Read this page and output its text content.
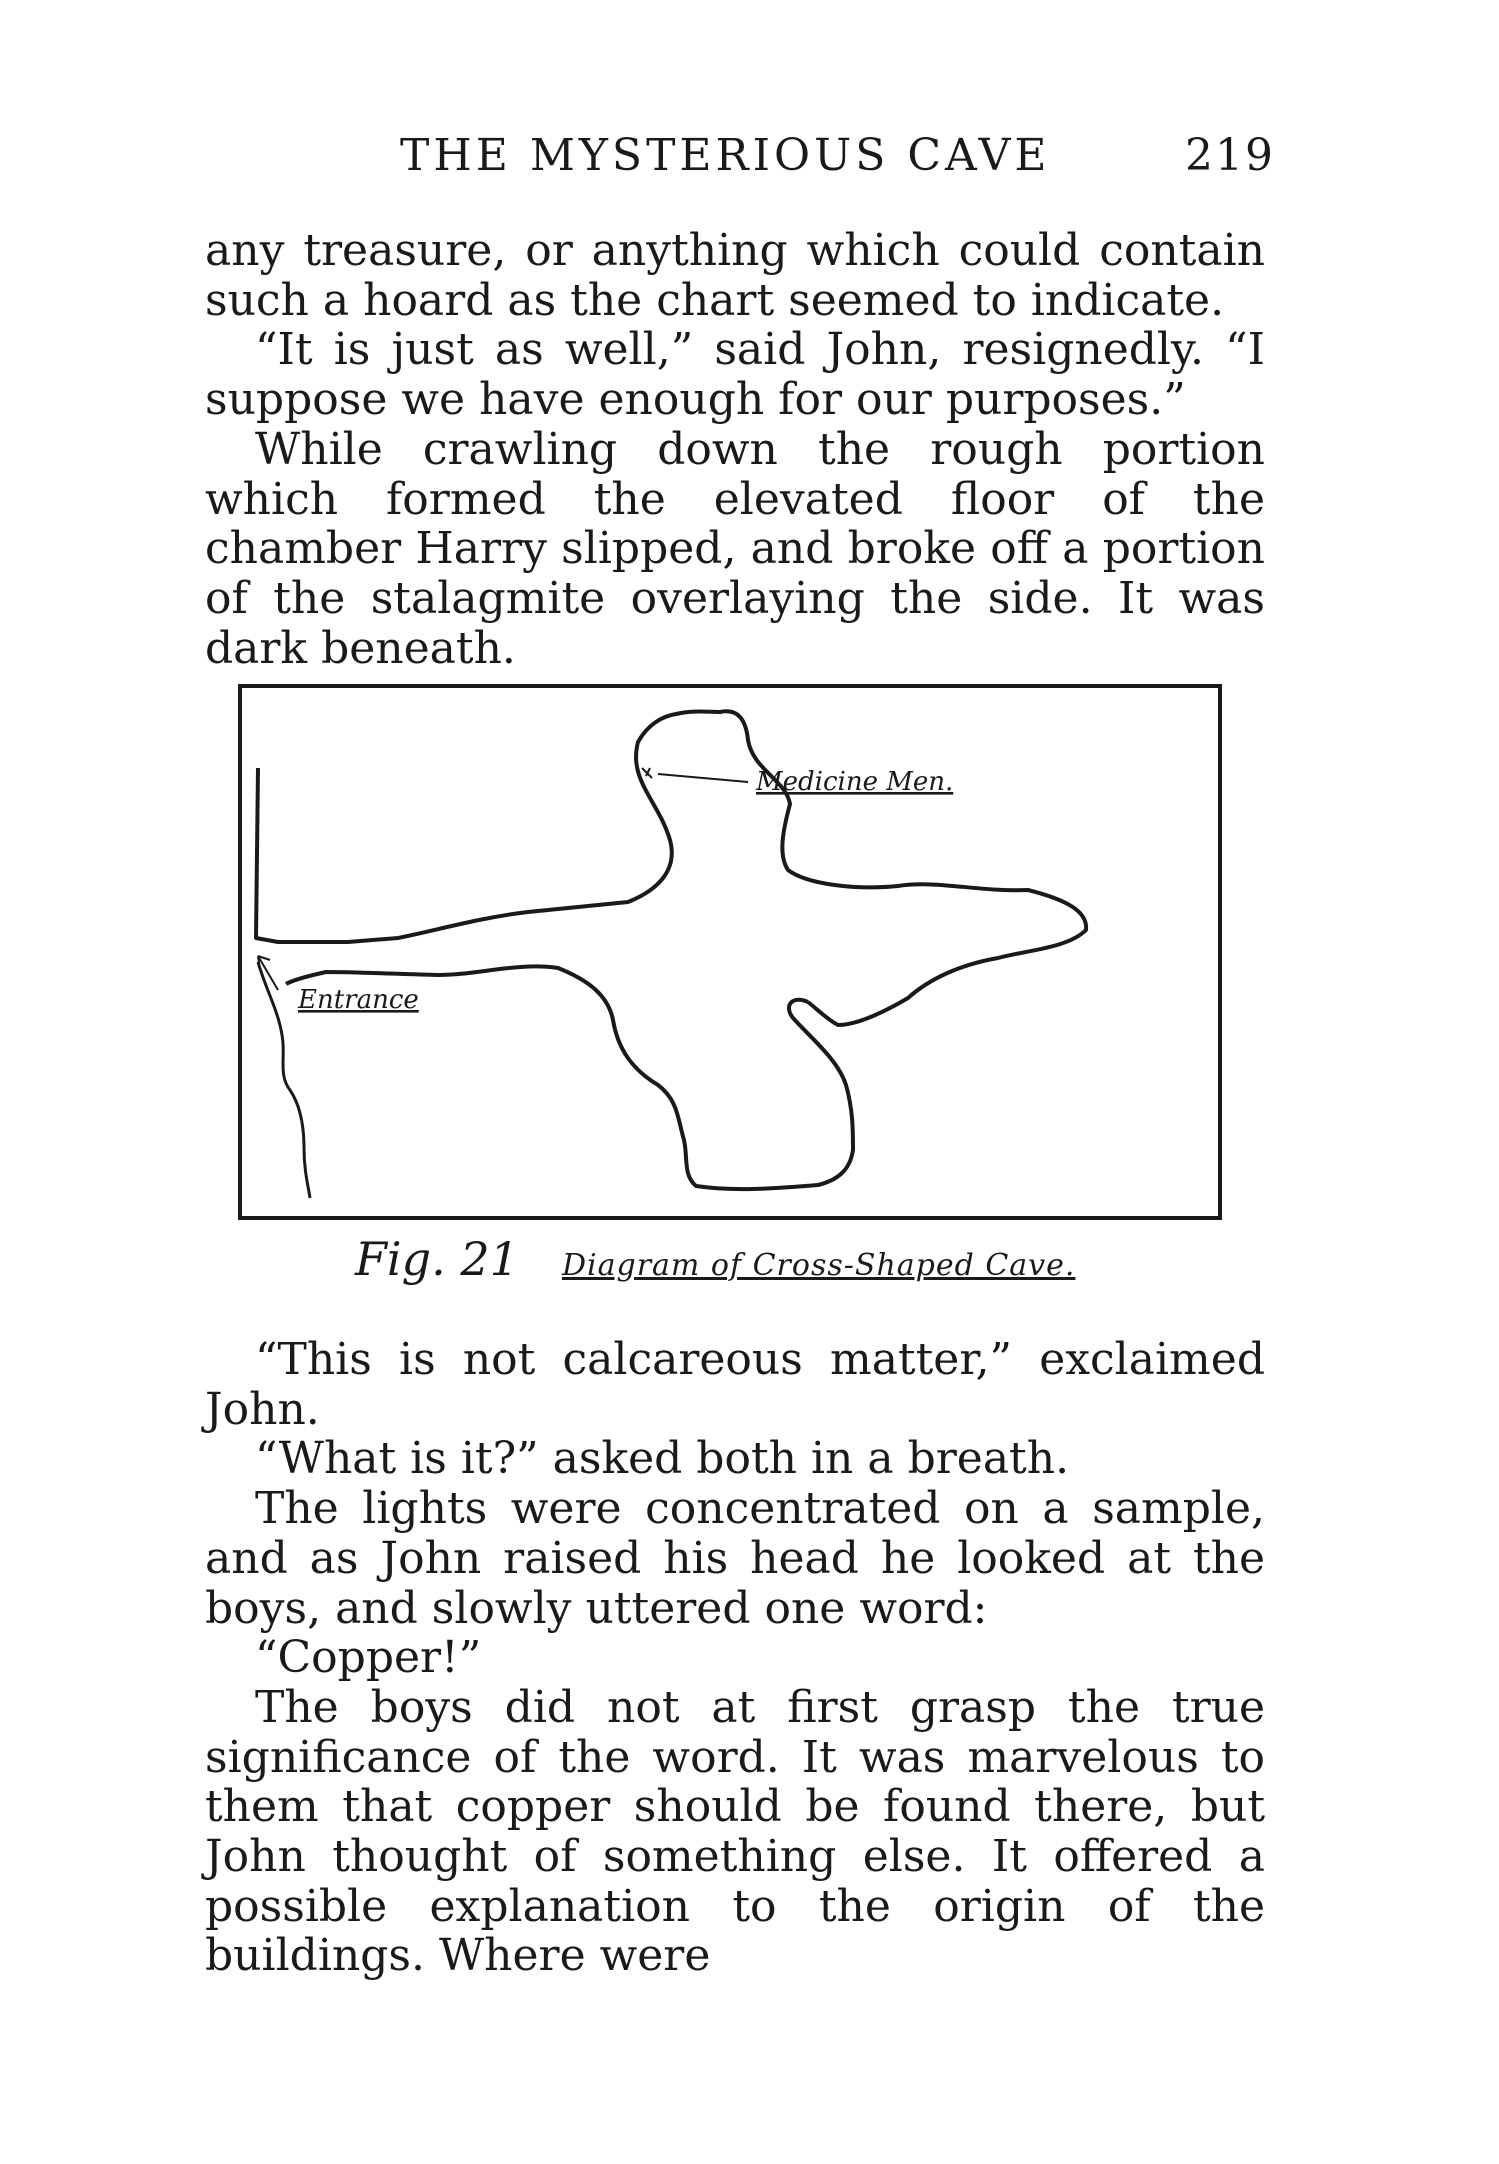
THE MYSTERIOUS CAVE	219

any treasure, or anything which could contain such a hoard as the chart seemed to indicate.

“It is just as well,” said John, resignedly. “I suppose we have enough for our purposes.”

While crawling down the rough portion which formed the elevated floor of the chamber Harry slipped, and broke off a portion of the stalagmite overlaying the side. It was dark beneath.

Medicine Men.
Entrance
Fig. 21 Diagram of Cross-Shaped Cave.

“This is not calcareous matter,” exclaimed John.

“What is it?” asked both in a breath.

The lights were concentrated on a sample, and as John raised his head he looked at the boys, and slowly uttered one word:

“Copper!”

The boys did not at first grasp the true significance of the word. It was marvelous to them that copper should be found there, but John thought of something else. It offered a possible explanation to the origin of the buildings. Where were
